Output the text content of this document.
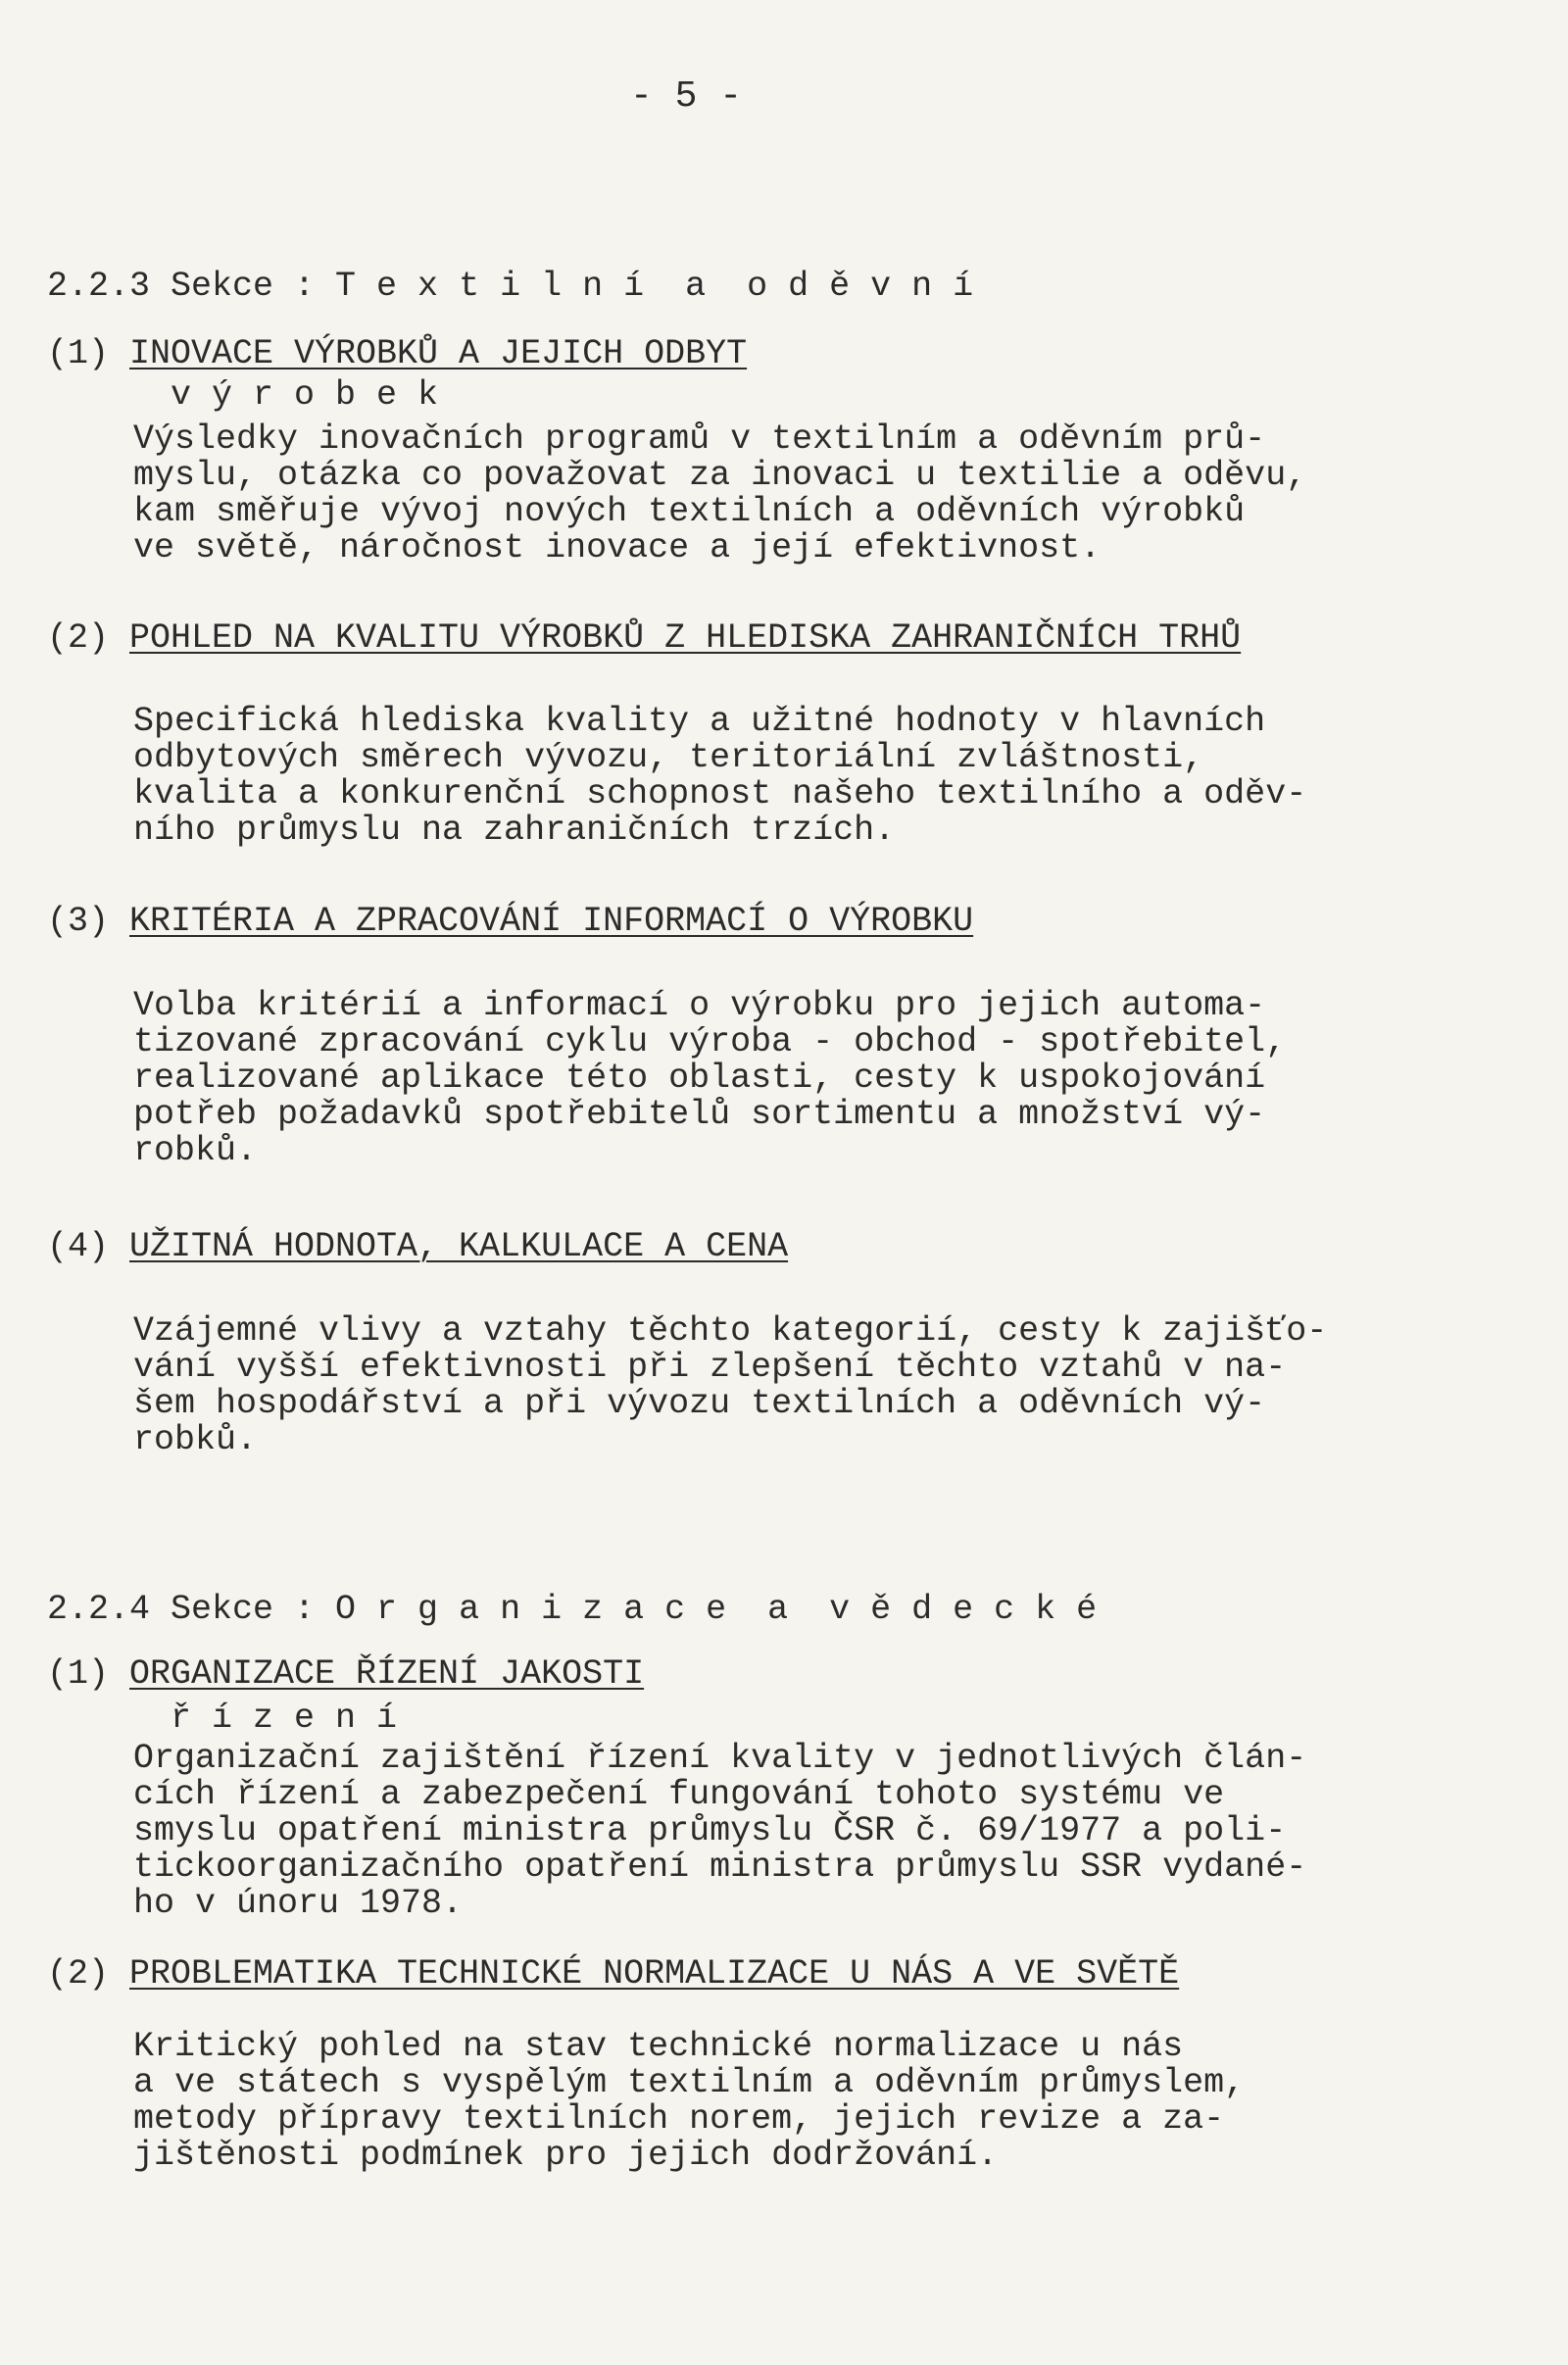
- 5 -

2.2.3 Sekce : T e x t i l n í  a  o d ě v n í

v ý r o b e k

(1) INOVACE VÝROBKŮ A JEJICH ODBYT
Výsledky inovačních programů v textilním a oděvním prů-
myslu, otázka co považovat za inovaci u textilie a oděvu,
kam směřuje vývoj nových textilních a oděvních výrobků
ve světě, náročnost inovace a její efektivnost.
(2) POHLED NA KVALITU VÝROBKŮ Z HLEDISKA ZAHRANIČNÍCH TRHŮ
Specifická hlediska kvality a užitné hodnoty v hlavních
odbytových směrech vývozu, teritoriální zvláštnosti,
kvalita a konkurenční schopnost našeho textilního a oděv-
ního průmyslu na zahraničních trzích.
(3) KRITÉRIA A ZPRACOVÁNÍ INFORMACÍ O VÝROBKU
Volba kritérií a informací o výrobku pro jejich automa-
tizované zpracování cyklu výroba - obchod - spotřebitel,
realizované aplikace této oblasti, cesty k uspokojování
potřeb požadavků spotřebitelů sortimentu a množství vý-
robků.
(4) UŽITNÁ HODNOTA, KALKULACE A CENA
Vzájemné vlivy a vztahy těchto kategorií, cesty k zajišťo-
vání vyšší efektivnosti při zlepšení těchto vztahů v na-
šem hospodářství a při vývozu textilních a oděvních vý-
robků.

2.2.4 Sekce : O r g a n i z a c e  a  v ě d e c k é

ř í z e n í

(1) ORGANIZACE ŘÍZENÍ JAKOSTI
Organizační zajištění řízení kvality v jednotlivých člán-
cích řízení a zabezpečení fungování tohoto systému ve
smyslu opatření ministra průmyslu ČSR č. 69/1977 a poli-
tickoorganizačního opatření ministra průmyslu SSR vydané-
ho v únoru 1978.
(2) PROBLEMATIKA TECHNICKÉ NORMALIZACE U NÁS A VE SVĚTĚ
Kritický pohled na stav technické normalizace u nás
a ve státech s vyspělým textilním a oděvním průmyslem,
metody přípravy textilních norem, jejich revize a za-
jištěnosti podmínek pro jejich dodržování.
